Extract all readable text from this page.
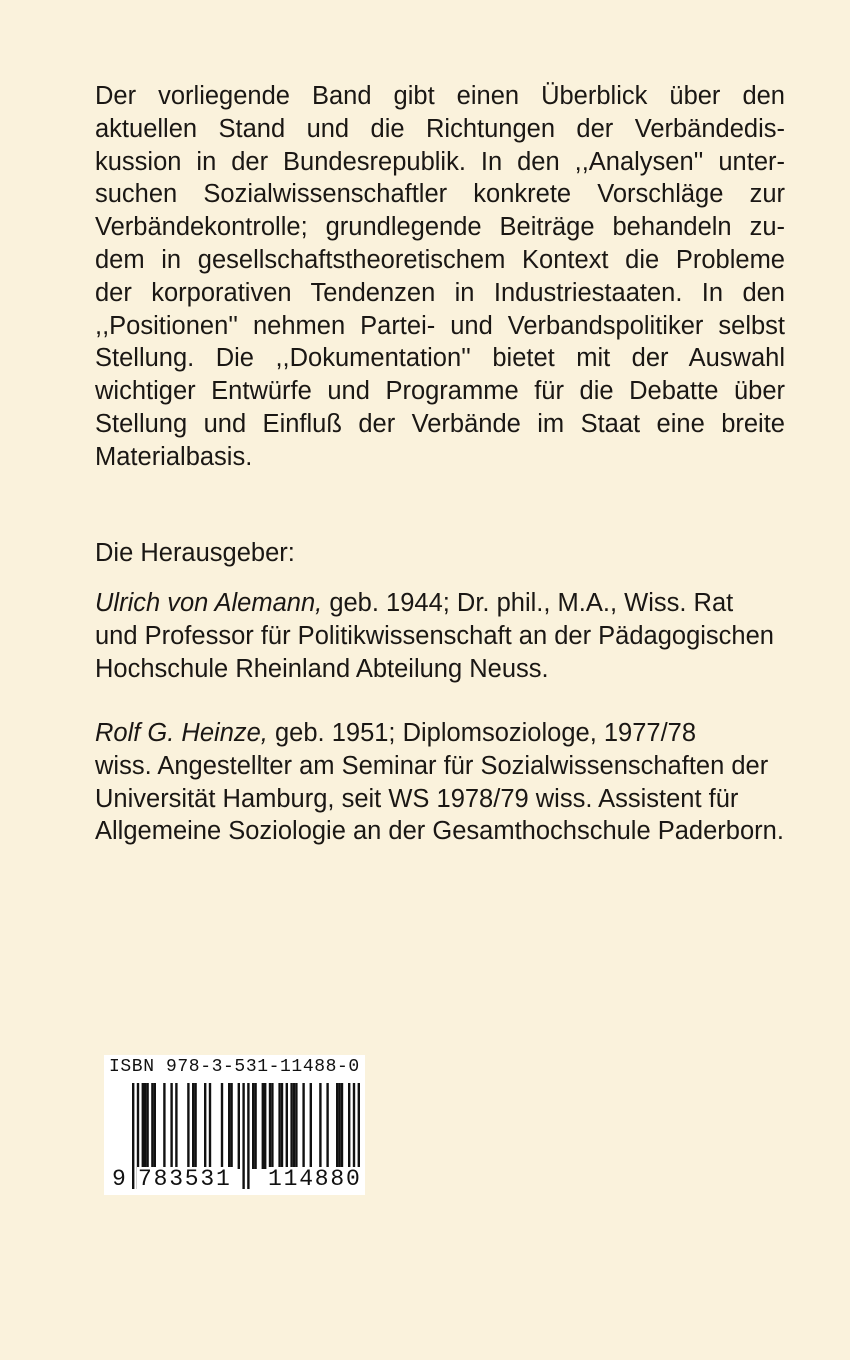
Der vorliegende Band gibt einen Überblick über den
aktuellen Stand und die Richtungen der Verbändedis-
kussion in der Bundesrepublik. In den ,,Analysen'' unter-
suchen Sozialwissenschaftler konkrete Vorschläge zur
Verbändekontrolle; grundlegende Beiträge behandeln zu-
dem in gesellschaftstheoretischem Kontext die Probleme
der korporativen Tendenzen in Industriestaaten. In den
,,Positionen'' nehmen Partei- und Verbandspolitiker selbst
Stellung. Die ,,Dokumentation'' bietet mit der Auswahl
wichtiger Entwürfe und Programme für die Debatte über
Stellung und Einfluß der Verbände im Staat eine breite
Materialbasis.
Die Herausgeber:
Ulrich von Alemann, geb. 1944; Dr. phil., M.A., Wiss. Rat
und Professor für Politikwissenschaft an der Pädagogischen
Hochschule Rheinland Abteilung Neuss.
Rolf G. Heinze, geb. 1951; Diplomsoziologe, 1977/78
wiss. Angestellter am Seminar für Sozialwissenschaften der
Universität Hamburg, seit WS 1978/79 wiss. Assistent für
Allgemeine Soziologie an der Gesamthochschule Paderborn.
ISBN 978-3-531-11488-0
9 783531 114880
